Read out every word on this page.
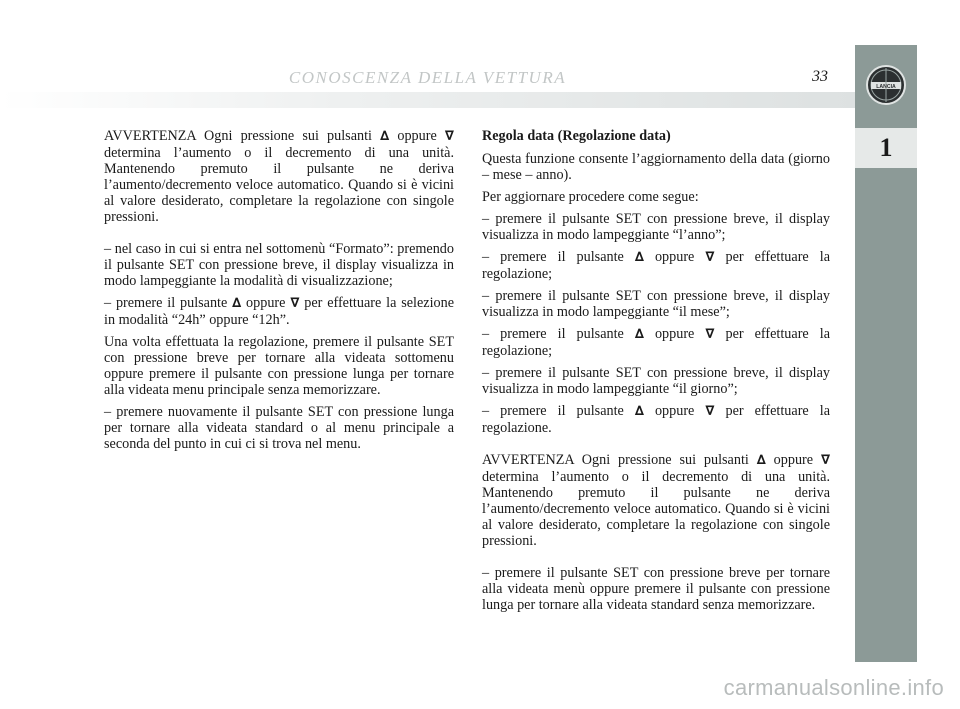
CONOSCENZA DELLA VETTURA	33
LANCIA
1

AVVERTENZA Ogni pressione sui pulsanti ∆ oppure ∇ determina l’aumento o il decremento di una unità. Mantenendo premuto il pulsante ne deriva l’aumento/decremento veloce automatico. Quando si è vicini al valore desiderato, completare la regolazione con singole pressioni.

– nel caso in cui si entra nel sottomenù “Formato”: premendo il pulsante SET con pressione breve, il display visualizza in modo lampeggiante la modalità di visualizzazione;

– premere il pulsante ∆ oppure ∇ per effettuare la selezione in modalità “24h” oppure “12h”.

Una volta effettuata la regolazione, premere il pulsante SET con pressione breve per tornare alla videata sottomenu oppure premere il pulsante con pressione lunga per tornare alla videata menu principale senza memorizzare.

– premere nuovamente il pulsante SET con pressione lunga per tornare alla videata standard o al menu principale a seconda del punto in cui ci si trova nel menu.

Regola data (Regolazione data)

Questa funzione consente l’aggiornamento della data (giorno – mese – anno).

Per aggiornare procedere come segue:

– premere il pulsante SET con pressione breve, il display visualizza in modo lampeggiante “l’anno”;

– premere il pulsante ∆ oppure ∇ per effettuare la regolazione;

– premere il pulsante SET con pressione breve, il display visualizza in modo lampeggiante “il mese”;

– premere il pulsante ∆ oppure ∇ per effettuare la regolazione;

– premere il pulsante SET con pressione breve, il display visualizza in modo lampeggiante “il giorno”;

– premere il pulsante ∆ oppure ∇ per effettuare la regolazione.

AVVERTENZA Ogni pressione sui pulsanti ∆ oppure ∇ determina l’aumento o il decremento di una unità. Mantenendo premuto il pulsante ne deriva l’aumento/decremento veloce automatico. Quando si è vicini al valore desiderato, completare la regolazione con singole pressioni.

– premere il pulsante SET con pressione breve per tornare alla videata menù oppure premere il pulsante con pressione lunga per tornare alla videata standard senza memorizzare.

carmanualsonline.info
